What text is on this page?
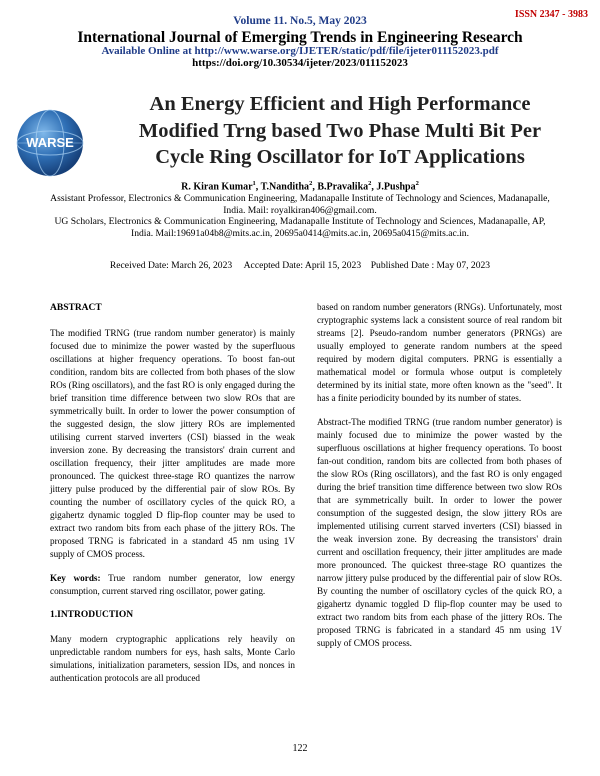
ISSN 2347 - 3983
Volume 11. No.5, May 2023
International Journal of Emerging Trends in Engineering Research
Available Online at http://www.warse.org/IJETER/static/pdf/file/ijeter011152023.pdf
https://doi.org/10.30534/ijeter/2023/011152023
WARSE
An Energy Efficient and High Performance
Modified Trng based Two Phase Multi Bit Per
Cycle Ring Oscillator for IoT Applications
R. Kiran Kumar$^1$, T.Nanditha$^2$, B.Pravalika$^2$, J.Pushpa$^2$
Assistant Professor, Electronics & Communication Engineering, Madanapalle Institute of Technology and Sciences, Madanapalle, India. Mail: royalkiran406@gmail.com.
UG Scholars, Electronics & Communication Engineering, Madanapalle Institute of Technology and Sciences, Madanapalle, AP, India. Mail:19691a04b8@mits.ac.in, 20695a0414@mits.ac.in, 20695a0415@mits.ac.in.
Received Date: March 26, 2023     Accepted Date: April 15, 2023    Published Date : May 07, 2023
ABSTRACT

The modified TRNG (true random number generator) is mainly focused due to minimize the power wasted by the superfluous oscillations at higher frequency operations. To boost fan-out condition, random bits are collected from both phases of the slow ROs (Ring oscillators), and the fast RO is only engaged during the brief transition time difference between two slow ROs that are symmetrically built. In order to lower the power consumption of the suggested design, the slow jittery ROs are implemented utilising current starved inverters (CSI) biassed in the weak inversion zone. By decreasing the transistors' drain current and oscillation frequency, their jitter amplitudes are made more pronounced. The quickest three-stage RO quantizes the narrow jittery pulse produced by the differential pair of slow ROs. By counting the number of oscillatory cycles of the quick RO, a gigahertz dynamic toggled D flip-flop counter may be used to extract two random bits from each phase of the jittery ROs. The proposed TRNG is fabricated in a standard 45 nm using 1V supply of CMOS process.

Key words: True random number generator, low energy consumption, current starved ring oscillator, power gating.

1.INTRODUCTION

Many modern cryptographic applications rely heavily on unpredictable random numbers for eys, hash salts, Monte Carlo simulations, initialization parameters, session IDs, and nonces in authentication protocols are all produced

based on random number generators (RNGs). Unfortunately, most cryptographic systems lack a consistent source of real random bit streams [2]. Pseudo-random number generators (PRNGs) are usually employed to generate random numbers at the speed required by modern digital computers. PRNG is essentially a mathematical model or formula whose output is completely determined by its initial state, more often known as the "seed". It has a finite periodicity bounded by its number of states.

Abstract-The modified TRNG (true random number generator) is mainly focused due to minimize the power wasted by the superfluous oscillations at higher frequency operations. To boost fan-out condition, random bits are collected from both phases of the slow ROs (Ring oscillators), and the fast RO is only engaged during the brief transition time difference between two slow ROs that are symmetrically built. In order to lower the power consumption of the suggested design, the slow jittery ROs are implemented utilising current starved inverters (CSI) biassed in the weak inversion zone. By decreasing the transistors' drain current and oscillation frequency, their jitter amplitudes are made more pronounced. The quickest three-stage RO quantizes the narrow jittery pulse produced by the differential pair of slow ROs. By counting the number of oscillatory cycles of the quick RO, a gigahertz dynamic toggled D flip-flop counter may be used to extract two random bits from each phase of the jittery ROs. The proposed TRNG is fabricated in a standard 45 nm using 1V supply of CMOS process.

122
